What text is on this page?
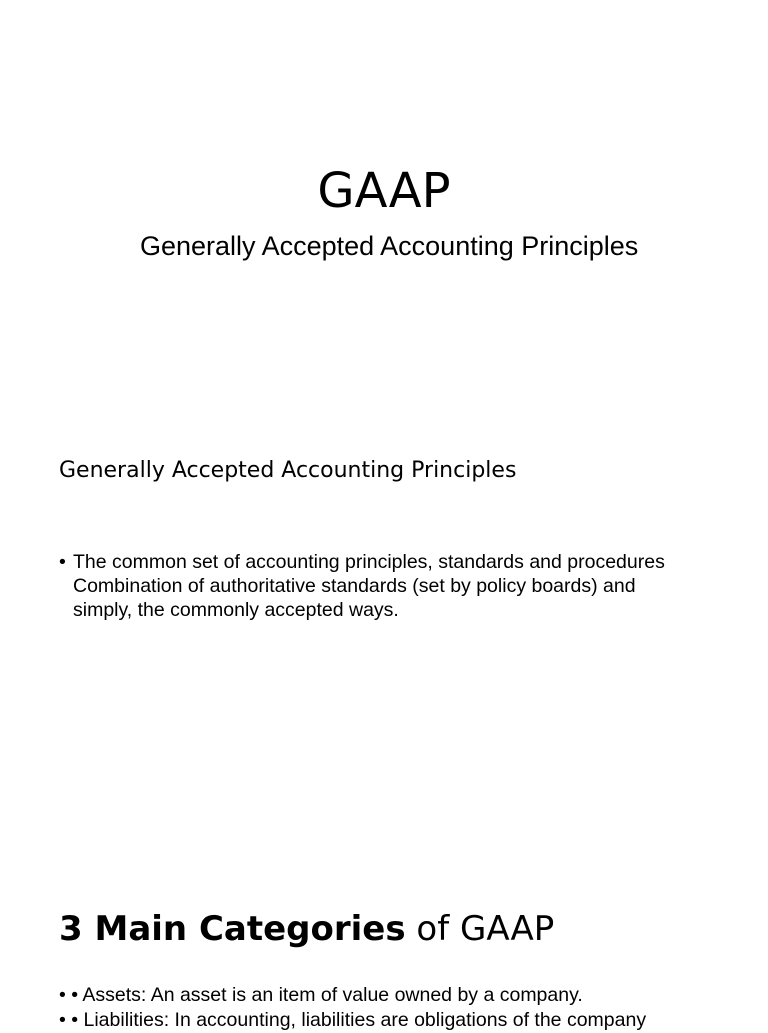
GAAP

Generally Accepted Accounting Principles

Generally Accepted Accounting Principles
• The common set of accounting principles, standards and procedures
Combination of authoritative standards (set by policy boards) and
simply, the commonly accepted ways.
3 Main Categories of GAAP
• • Assets: An asset is an item of value owned by a company.
• • Liabilities: In accounting, liabilities are obligations of the company
